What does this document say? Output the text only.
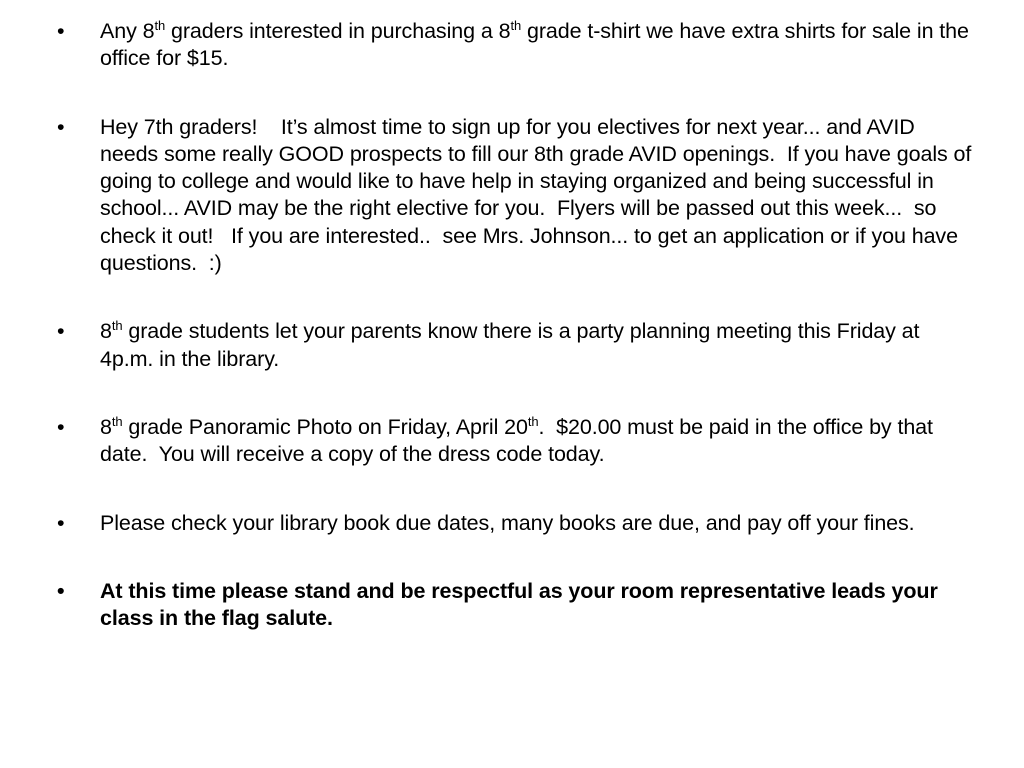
•	Any 8th graders interested in purchasing a 8th grade t-shirt we have extra shirts for sale in the office for $15.
•	Hey 7th graders!    It’s almost time to sign up for you electives for next year... and AVID needs some really GOOD prospects to fill our 8th grade AVID openings.  If you have goals of going to college and would like to have help in staying organized and being successful in school... AVID may be the right elective for you.  Flyers will be passed out this week...  so check it out!   If you are interested..  see Mrs. Johnson... to get an application or if you have questions.  :)
•	8th grade students let your parents know there is a party planning meeting this Friday at 4p.m. in the library.
•	8th grade Panoramic Photo on Friday, April 20th.  $20.00 must be paid in the office by that date.  You will receive a copy of the dress code today.
•	Please check your library book due dates, many books are due, and pay off your fines.
•	At this time please stand and be respectful as your room representative leads your class in the flag salute.
